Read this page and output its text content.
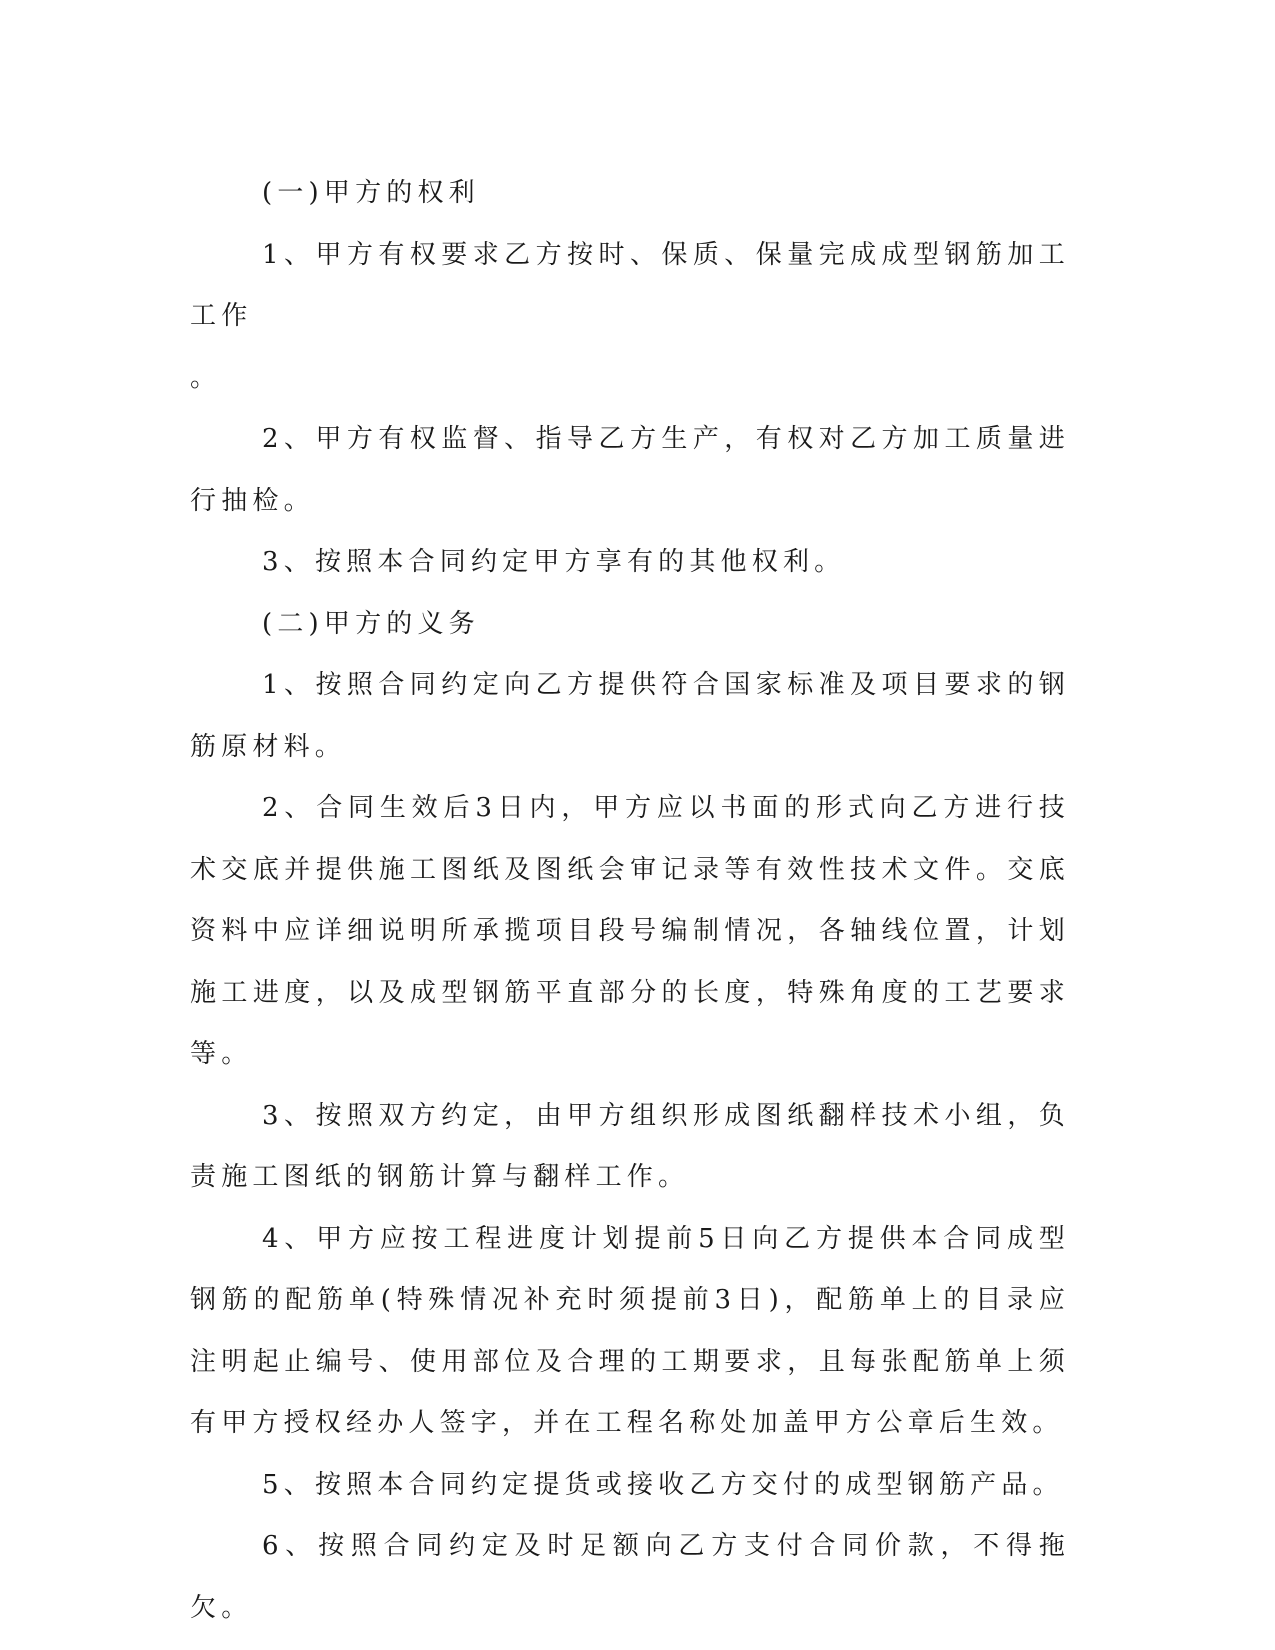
(一)甲方的权利

1、甲方有权要求乙方按时、保质、保量完成成型钢筋加工工作

。

2、甲方有权监督、指导乙方生产，有权对乙方加工质量进行抽检。

3、按照本合同约定甲方享有的其他权利。

(二)甲方的义务

1、按照合同约定向乙方提供符合国家标准及项目要求的钢筋原材料。

2、合同生效后3日内，甲方应以书面的形式向乙方进行技术交底并提供施工图纸及图纸会审记录等有效性技术文件。交底资料中应详细说明所承揽项目段号编制情况，各轴线位置，计划施工进度，以及成型钢筋平直部分的长度，特殊角度的工艺要求等。

3、按照双方约定，由甲方组织形成图纸翻样技术小组，负责施工图纸的钢筋计算与翻样工作。

4、甲方应按工程进度计划提前5日向乙方提供本合同成型钢筋的配筋单(特殊情况补充时须提前3日)，配筋单上的目录应注明起止编号、使用部位及合理的工期要求，且每张配筋单上须有甲方授权经办人签字，并在工程名称处加盖甲方公章后生效。

5、按照本合同约定提货或接收乙方交付的成型钢筋产品。

6、按照合同约定及时足额向乙方支付合同价款，不得拖欠。
